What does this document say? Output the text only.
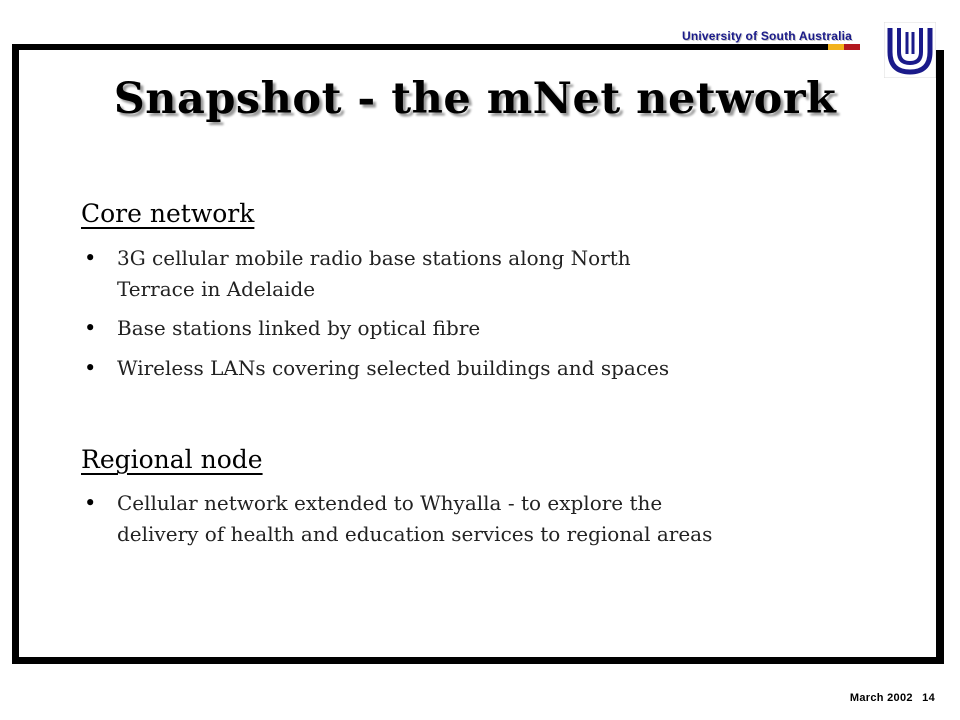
University of South Australia
Snapshot - the mNet network
Core network
• 3G cellular mobile radio base stations along North
Terrace in Adelaide
• Base stations linked by optical fibre
• Wireless LANs covering selected buildings and spaces
Regional node
• Cellular network extended to Whyalla - to explore the
delivery of health and education services to regional areas
March 2002 14
